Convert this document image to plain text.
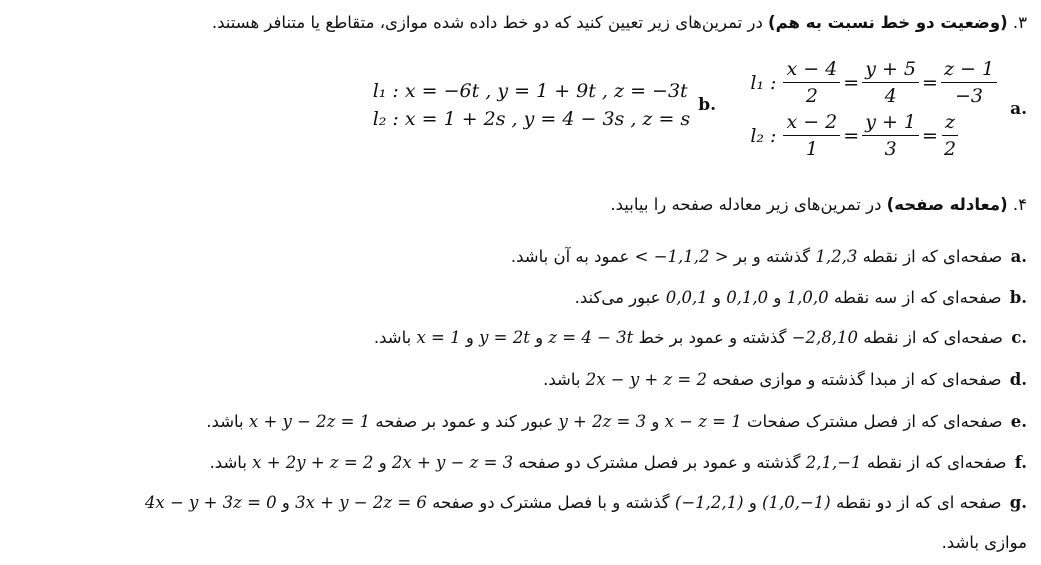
۳. (وضعیت دو خط نسبت به هم) در تمرین‌های زیر تعیین کنید که دو خط داده شده موازی، متقاطع یا متنافر هستند.
l₁ : $\frac{x - 4}{2} = \frac{y + 5}{4} = \frac{z - 1}{-3}$
l₂ : $\frac{x - 2}{1} = \frac{y + 1}{3} = \frac{z}{2}$
a.
l₁ : x = −6t , y = 1 + 9t , z = −3t
l₂ : x = 1 + 2s , y = 4 − 3s , z = s
b.
۴. (معادله صفحه) در تمرین‌های زیر معادله صفحه را بیابید.
a. صفحه‌ای که از نقطه 1,2,3 گذشته و بر < −1,1,2 > عمود به آن باشد.
b. صفحه‌ای که از سه نقطه 1,0,0 و 0,1,0 و 0,0,1 عبور می‌کند.
c. صفحه‌ای که از نقطه −2,8,10 گذشته و عمود بر خط z = 4 − 3t و y = 2t و x = 1 باشد.
d. صفحه‌ای که از مبدا گذشته و موازی صفحه 2x − y + z = 2 باشد.
e. صفحه‌ای که از فصل مشترک صفحات x − z = 1 و y + 2z = 3 عبور کند و عمود بر صفحه x + y − 2z = 1 باشد.
f. صفحه‌ای که از نقطه 2,1,−1 گذشته و عمود بر فصل مشترک دو صفحه 2x + y − z = 3 و x + 2y + z = 2 باشد.
g. صفحه ای که از دو نقطه (1,0,−1) و (−1,2,1) گذشته و با فصل مشترک دو صفحه 3x + y − 2z = 6 و 4x − y + 3z = 0
موازی باشد.
